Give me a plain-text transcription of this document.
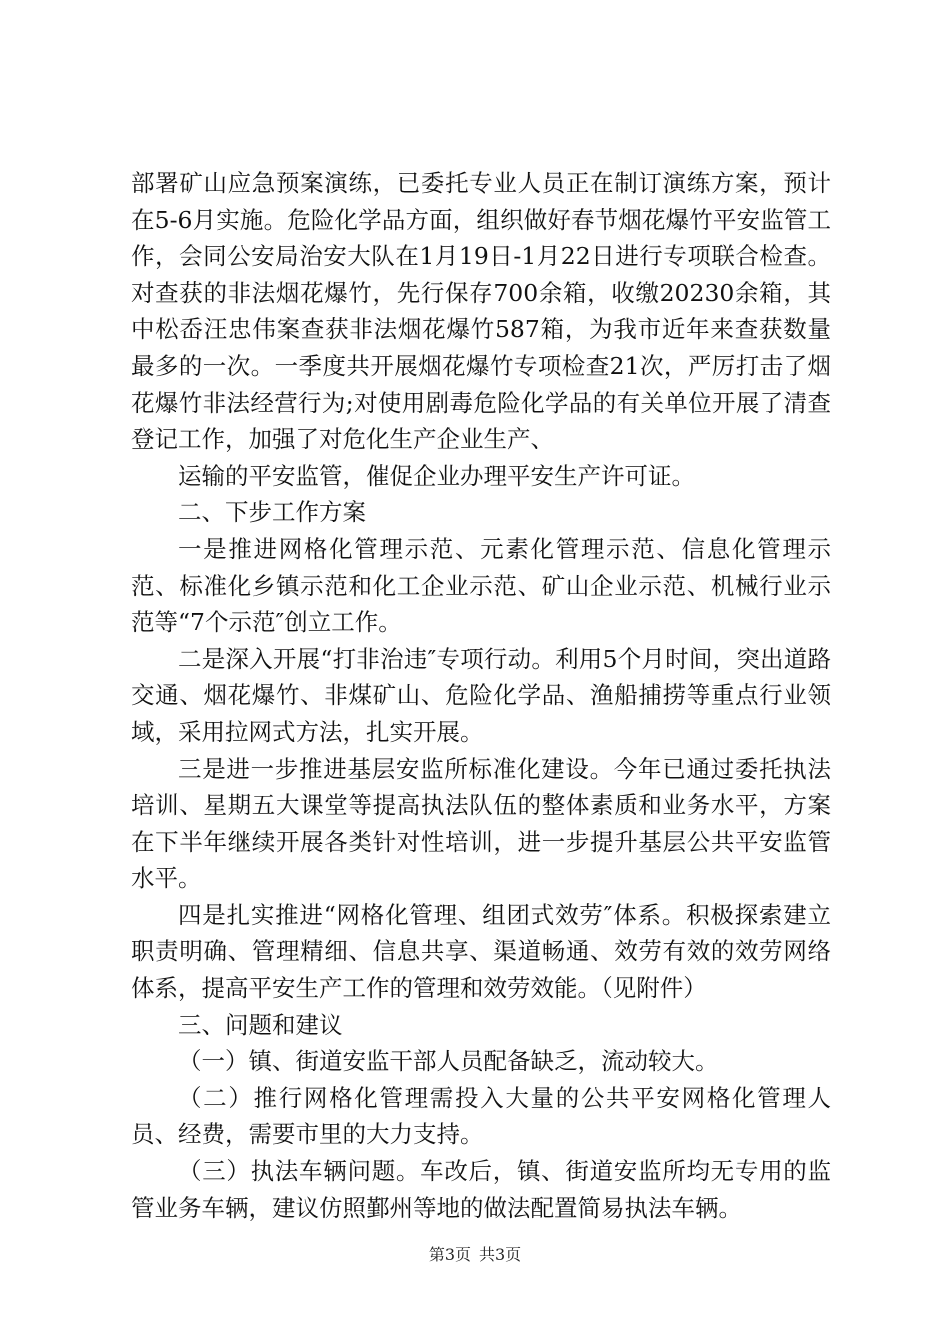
部署矿山应急预案演练，已委托专业人员正在制订演练方案，预计在5-6月实施。危险化学品方面，组织做好春节烟花爆竹平安监管工作，会同公安局治安大队在1月19日-1月22日进行专项联合检查。对查获的非法烟花爆竹，先行保存700余箱，收缴20230余箱，其中松岙汪忠伟案查获非法烟花爆竹587箱，为我市近年来查获数量最多的一次。一季度共开展烟花爆竹专项检查21次，严厉打击了烟花爆竹非法经营行为;对使用剧毒危险化学品的有关单位开展了清查登记工作，加强了对危化生产企业生产、

运输的平安监管，催促企业办理平安生产许可证。

二、下步工作方案

一是推进网格化管理示范、元素化管理示范、信息化管理示范、标准化乡镇示范和化工企业示范、矿山企业示范、机械行业示范等“7个示范″创立工作。

二是深入开展“打非治违″专项行动。利用5个月时间，突出道路交通、烟花爆竹、非煤矿山、危险化学品、渔船捕捞等重点行业领域，采用拉网式方法，扎实开展。

三是进一步推进基层安监所标准化建设。今年已通过委托执法培训、星期五大课堂等提高执法队伍的整体素质和业务水平，方案在下半年继续开展各类针对性培训，进一步提升基层公共平安监管水平。

四是扎实推进“网格化管理、组团式效劳″体系。积极探索建立职责明确、管理精细、信息共享、渠道畅通、效劳有效的效劳网络体系，提高平安生产工作的管理和效劳效能。（见附件）

三、问题和建议

（一）镇、街道安监干部人员配备缺乏，流动较大。

（二）推行网格化管理需投入大量的公共平安网格化管理人员、经费，需要市里的大力支持。

（三）执法车辆问题。车改后，镇、街道安监所均无专用的监管业务车辆，建议仿照鄞州等地的做法配置简易执法车辆。

第3页 共3页
